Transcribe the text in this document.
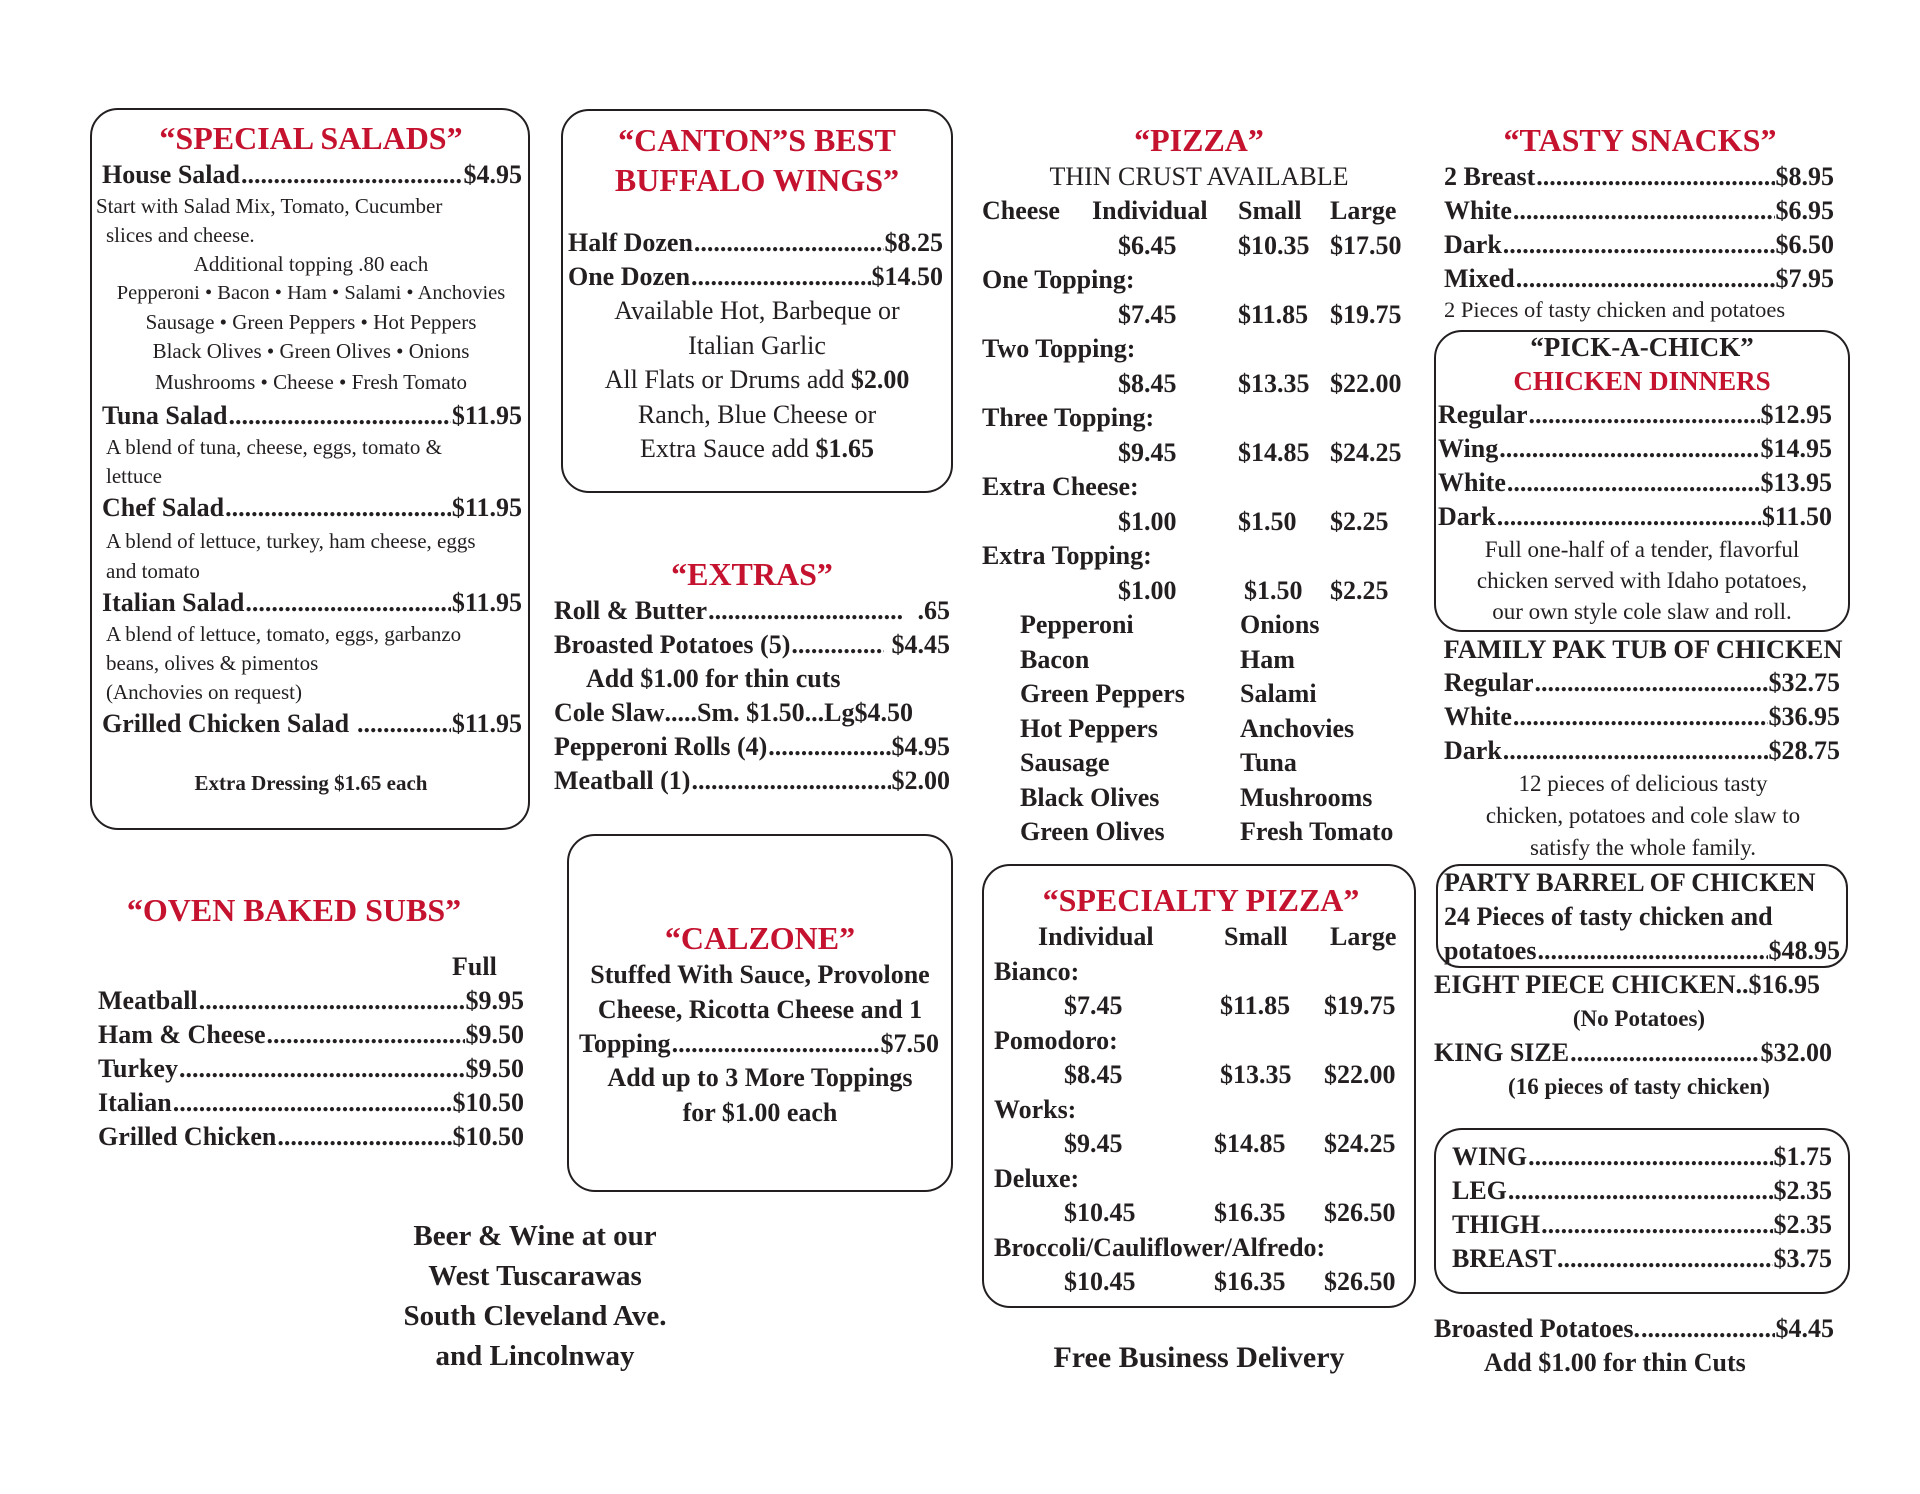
“SPECIAL SALADS”
House Salad .....	$4.95
Start with Salad Mix, Tomato, Cucumber
slices and cheese.
Additional topping .80 each
Pepperoni • Bacon • Ham • Salami • Anchovies
Sausage • Green Peppers • Hot Peppers
Black Olives • Green Olives • Onions
Mushrooms • Cheese • Fresh Tomato
Tuna Salad .....	$11.95
A blend of tuna, cheese, eggs, tomato &
lettuce
Chef Salad .....	$11.95
A blend of lettuce, turkey, ham cheese, eggs
and tomato
Italian Salad .....	$11.95
A blend of lettuce, tomato, eggs, garbanzo
beans, olives & pimentos
(Anchovies on request)
Grilled Chicken Salad .....	$11.95
Extra Dressing $1.65 each
“CANTON”S BEST
BUFFALO WINGS”
Half Dozen .....	$8.25
One Dozen .....	$14.50
Available Hot, Barbeque or
Italian Garlic
All Flats or Drums add $2.00
Ranch, Blue Cheese or
Extra Sauce add $1.65
“EXTRAS”
Roll & Butter .....	.65
Broasted Potatoes (5) .....	$4.45
Add $1.00 for thin cuts
Cole Slaw ..... Sm. $1.50 ... Lg$4.50
Pepperoni Rolls (4) .....	$4.95
Meatball (1) .....	$2.00
“CALZONE”
Stuffed With Sauce, Provolone
Cheese, Ricotta Cheese and 1
Topping .....	$7.50
Add up to 3 More Toppings
for $1.00 each
“OVEN BAKED SUBS”
Full
Meatball .....	$9.95
Ham & Cheese .....	$9.50
Turkey .....	$9.50
Italian .....	$10.50
Grilled Chicken .....	$10.50
Beer & Wine at our
West Tuscarawas
South Cleveland Ave.
and Lincolnway
“PIZZA”
THIN CRUST AVAILABLE
Cheese	Individual	Small	Large
$6.45	$10.35 $17.50
One Topping:
$7.45	$11.85 $19.75
Two Topping:
$8.45	$13.35 $22.00
Three Topping:
$9.45	$14.85 $24.25
Extra Cheese:
$1.00	$1.50	$2.25
Extra Topping:
$1.00	$1.50	$2.25
Pepperoni	Onions
Bacon	Ham
Green Peppers	Salami
Hot Peppers	Anchovies
Sausage	Tuna
Black Olives	Mushrooms
Green Olives	Fresh Tomato
“SPECIALTY PIZZA”
Individual	Small	Large
Bianco:
$7.45	$11.85	$19.75
Pomodoro:
$8.45	$13.35	$22.00
Works:
$9.45	$14.85	$24.25
Deluxe:
$10.45	$16.35	$26.50
Broccoli/Cauliflower/Alfredo:
$10.45	$16.35	$26.50
Free Business Delivery
“TASTY SNACKS”
2 Breast .....	$8.95
White .....	$6.95
Dark .....	$6.50
Mixed .....	$7.95
2 Pieces of tasty chicken and potatoes
“PICK-A-CHICK”
CHICKEN DINNERS
Regular .....	$12.95
Wing .....	$14.95
White .....	$13.95
Dark .....	$11.50
Full one-half of a tender, flavorful
chicken served with Idaho potatoes,
our own style cole slaw and roll.
FAMILY PAK TUB OF CHICKEN
Regular .....	$32.75
White .....	$36.95
Dark .....	$28.75
12 pieces of delicious tasty
chicken, potatoes and cole slaw to
satisfy the whole family.
PARTY BARREL OF CHICKEN
24 Pieces of tasty chicken and
potatoes .....	$48.95
EIGHT PIECE CHICKEN .. $16.95
(No Potatoes)
KING SIZE .....	$32.00
(16 pieces of tasty chicken)
WING .....	$1.75
LEG .....	$2.35
THIGH .....	$2.35
BREAST .....	$3.75
Broasted Potatoes. .....	$4.45
Add $1.00 for thin Cuts
